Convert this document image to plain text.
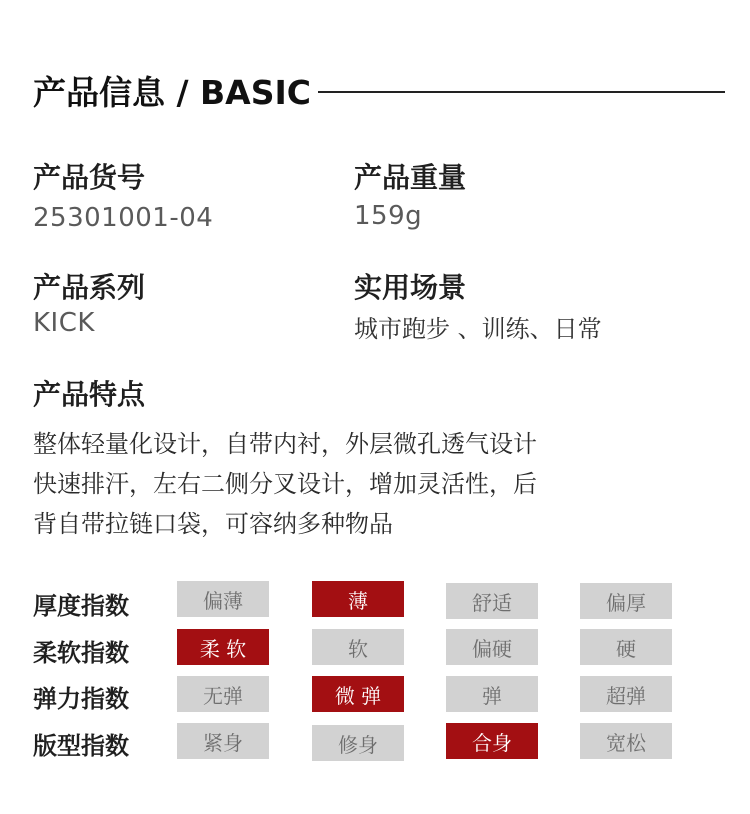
产品信息 / BASIC
产品货号
25301001-04
产品重量
159g
产品系列
KICK
实用场景
城市跑步 、训练、日常
产品特点
整体轻量化设计，自带内衬，外层微孔透气设计
快速排汗，左右二侧分叉设计，增加灵活性，后
背自带拉链口袋，可容纳多种物品
厚度指数	偏薄	薄	舒适	偏厚
柔软指数	柔 软	软	偏硬	硬
弹力指数	无弹	微 弹	弹	超弹
版型指数	紧身	修身	合身	宽松
